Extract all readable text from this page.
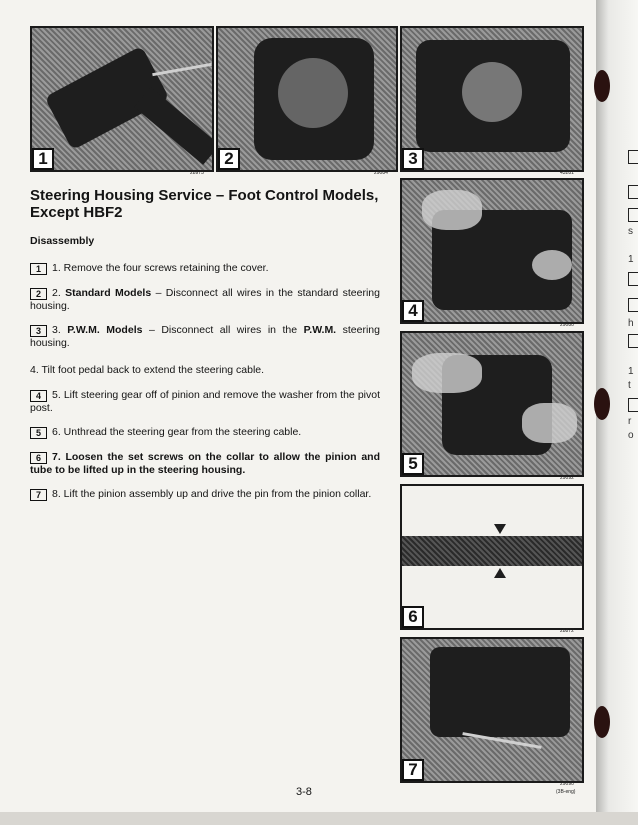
s
1
h
1
t
r
o
1
28973
2
29084
3
43281
4
29080
5
29092
6
28872
7
29090
(3B-eng)
Steering Housing Service – Foot Control Models, Except HBF2
Disassembly
1 1. Remove the four screws retaining the cover.
2 2. Standard Models – Disconnect all wires in the standard steering housing.
3 3. P.W.M. Models – Disconnect all wires in the P.W.M. steering housing.
4. Tilt foot pedal back to extend the steering cable.
4 5. Lift steering gear off of pinion and remove the washer from the pivot post.
5 6. Unthread the steering gear from the steering cable.
6 7. Loosen the set screws on the collar to allow the pinion and tube to be lifted up in the steering housing.
7 8. Lift the pinion assembly up and drive the pin from the pinion collar.
3-8
